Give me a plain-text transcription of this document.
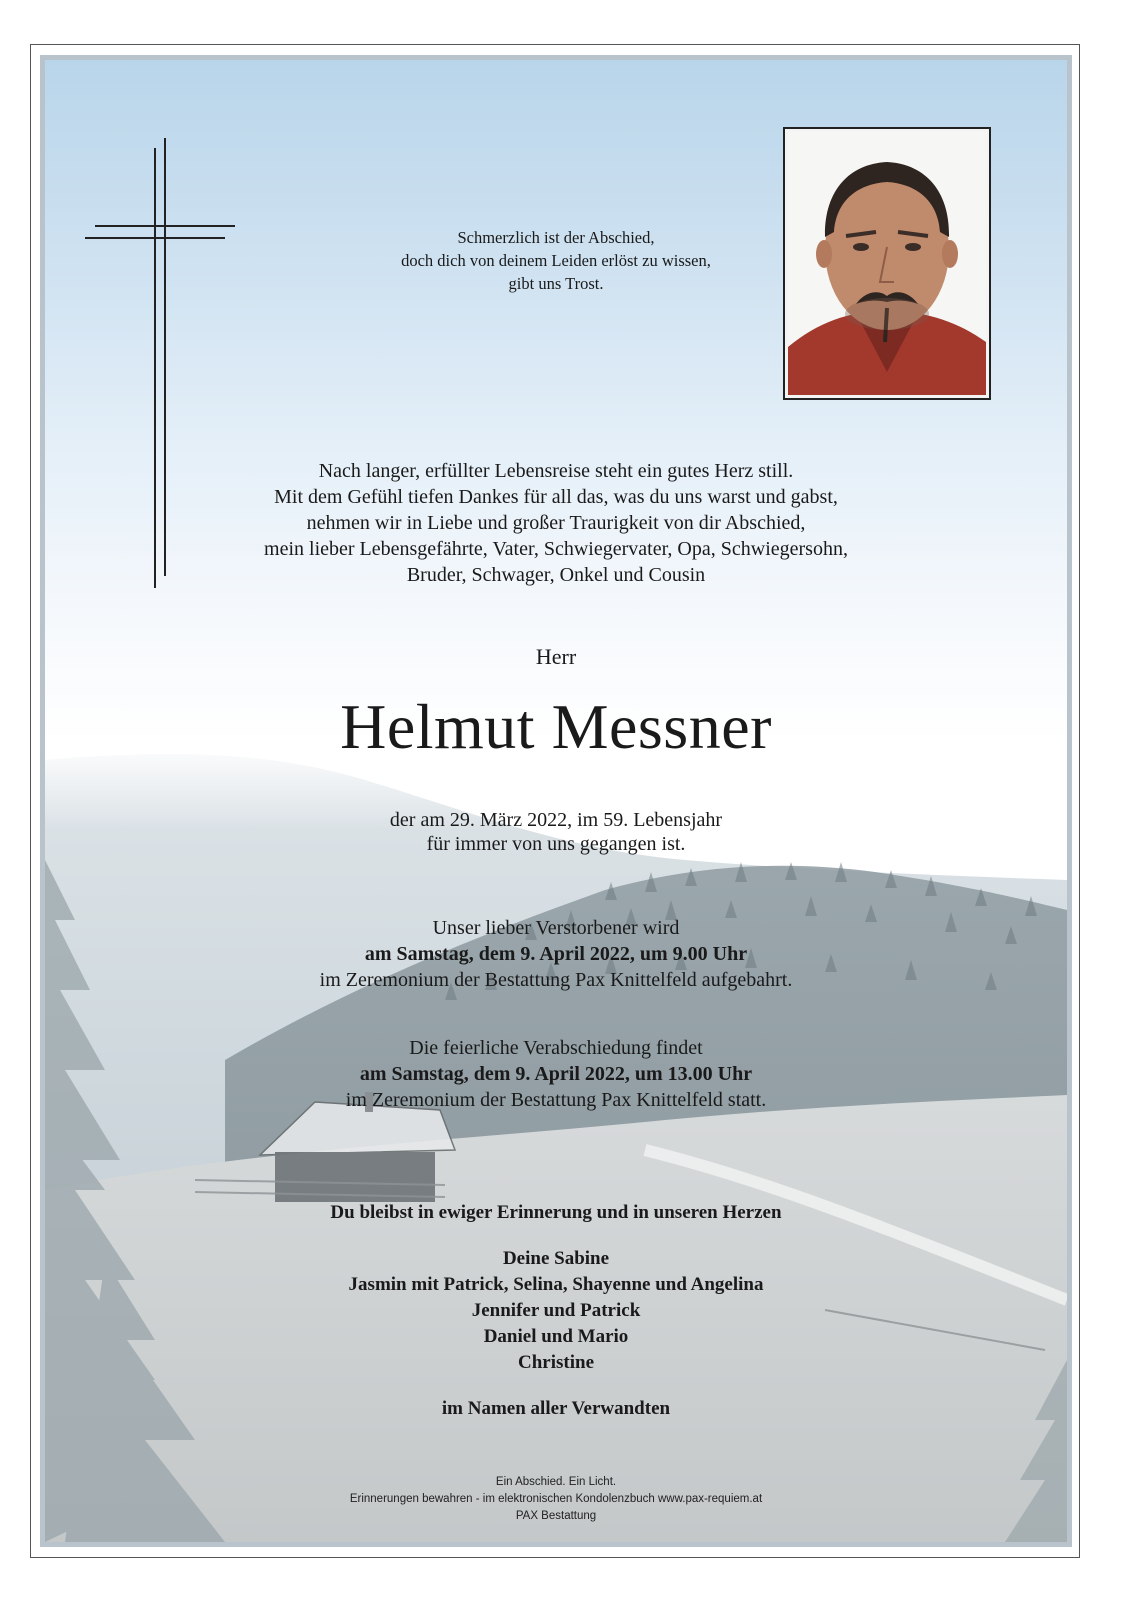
Schmerzlich ist der Abschied,
doch dich von deinem Leiden erlöst zu wissen,
gibt uns Trost.
Nach langer, erfüllter Lebensreise steht ein gutes Herz still.
Mit dem Gefühl tiefen Dankes für all das, was du uns warst und gabst,
nehmen wir in Liebe und großer Traurigkeit von dir Abschied,
mein lieber Lebensgefährte, Vater, Schwiegervater, Opa, Schwiegersohn,
Bruder, Schwager, Onkel und Cousin
Herr
Helmut Messner
der am 29. März 2022, im 59. Lebensjahr
für immer von uns gegangen ist.
Unser lieber Verstorbener wird
am Samstag, dem 9. April 2022, um 9.00 Uhr
im Zeremonium der Bestattung Pax Knittelfeld aufgebahrt.
Die feierliche Verabschiedung findet
am Samstag, dem 9. April 2022, um 13.00 Uhr
im Zeremonium der Bestattung Pax Knittelfeld statt.
Du bleibst in ewiger Erinnerung und in unseren Herzen
Deine Sabine
Jasmin mit Patrick, Selina, Shayenne und Angelina
Jennifer und Patrick
Daniel und Mario
Christine
im Namen aller Verwandten
Ein Abschied. Ein Licht.
Erinnerungen bewahren - im elektronischen Kondolenzbuch www.pax-requiem.at
PAX Bestattung
